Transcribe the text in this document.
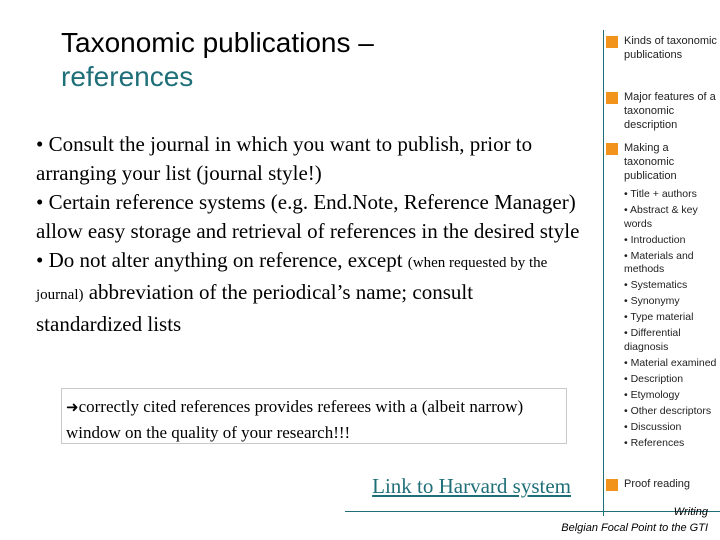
Taxonomic publications –
references
• Consult the journal in which you want to publish, prior to arranging your list (journal style!)
• Certain reference systems (e.g. End.Note, Reference Manager) allow easy storage and retrieval of references in the desired style
• Do not alter anything on reference, except (when requested by the journal) abbreviation of the periodical’s name; consult standardized lists
➜correctly cited references provides referees with a (albeit narrow) window on the quality of your research!!!
Link to Harvard system
Kinds of taxonomic publications
Major features of a taxonomic description
Making a taxonomic publication
• Title + authors
• Abstract & key words
• Introduction
• Materials and methods
• Systematics
• Synonymy
• Type material
• Differential diagnosis
• Material examined
• Description
• Etymology
• Other descriptors
• Discussion
• References
Proof reading
Writing
Belgian Focal Point to the GTI
